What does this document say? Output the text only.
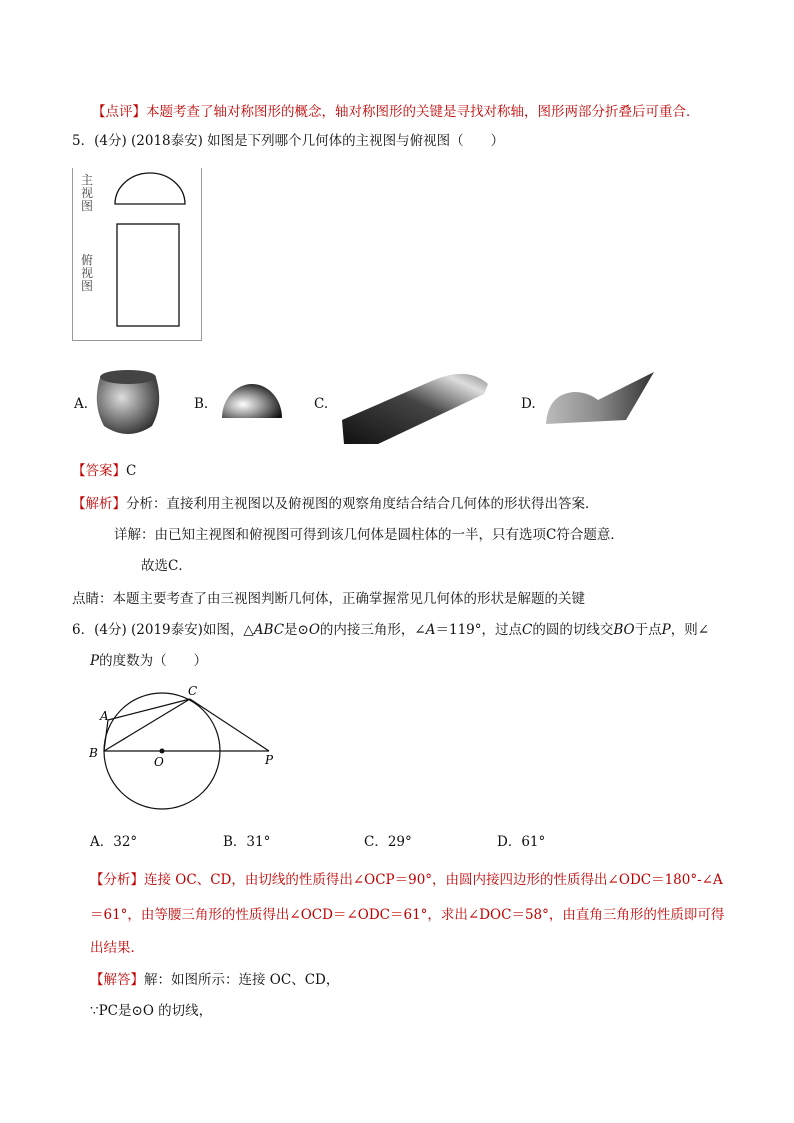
【点评】本题考查了轴对称图形的概念，轴对称图形的关键是寻找对称轴，图形两部分折叠后可重合．
5．(4分) (2018泰安) 如图是下列哪个几何体的主视图与俯视图（　　）
主视图
俯视图
A.	B.	C.	D.
【答案】C
【解析】分析：直接利用主视图以及俯视图的观察角度结合结合几何体的形状得出答案．
详解：由已知主视图和俯视图可得到该几何体是圆柱体的一半，只有选项C符合题意．
故选C．
点睛：本题主要考查了由三视图判断几何体，正确掌握常见几何体的形状是解题的关键
6．(4分) (2019泰安)如图，△ABC是⊙O的内接三角形，∠A＝119°，过点C的圆的切线交BO于点P，则∠
P的度数为（　　）
A
B
C
O	P
A．32°	B．31°	C．29°	D．61°
【分析】连接 OC、CD，由切线的性质得出∠OCP＝90°，由圆内接四边形的性质得出∠ODC＝180°-∠A
＝61°，由等腰三角形的性质得出∠OCD＝∠ODC＝61°，求出∠DOC＝58°，由直角三角形的性质即可得
出结果．
【解答】解：如图所示：连接 OC、CD，
∵PC是⊙O 的切线，
